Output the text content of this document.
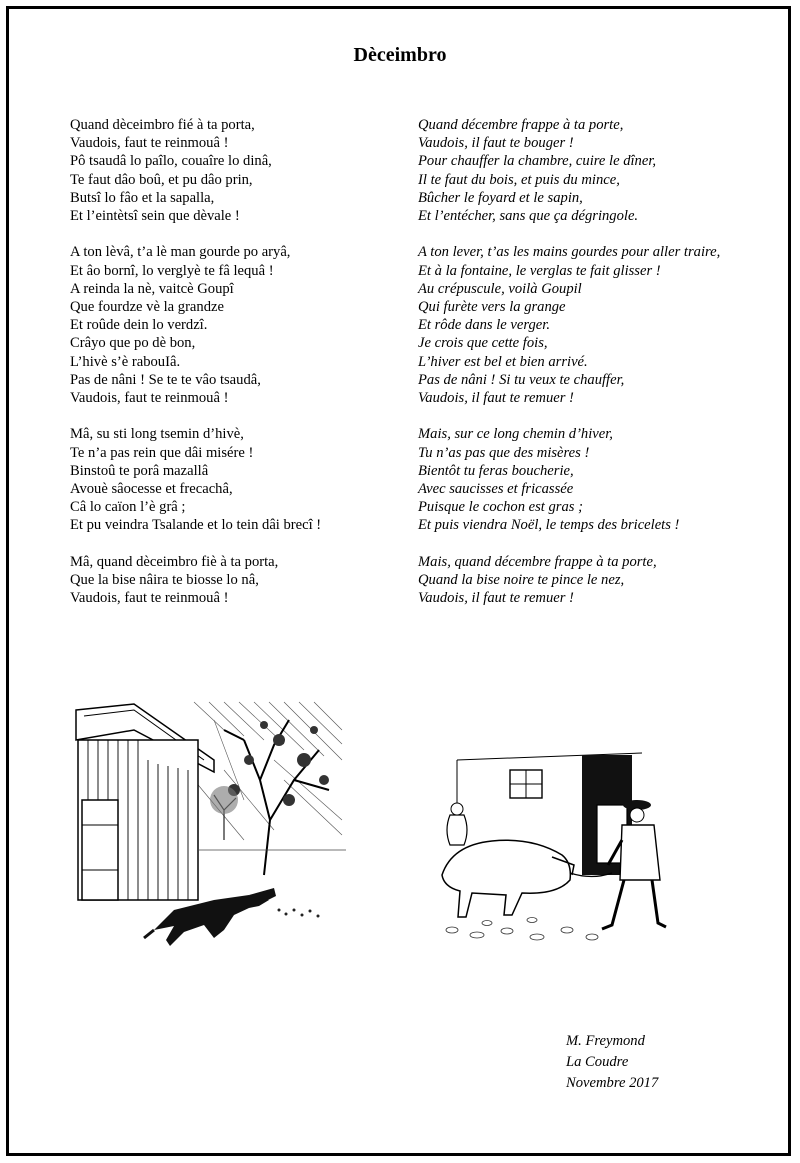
Dèceimbro
Quand dèceimbro fié à ta porta,
Vaudois, faut te reinmouâ !
Pô tsaudâ lo paîlo, couaîre lo dinâ,
Te faut dâo boû, et pu dâo prin,
Butsî lo fâo et la sapalla,
Et l’eintètsî sein que dèvale !
A ton lèvâ, t’a lè man gourde po aryâ,
Et âo bornî, lo verglyè te fâ lequâ !
A reinda la nè, vaitcè Goupî
Que fourdze vè la grandze
Et roûde dein lo verdzî.
Crâyo que po dè bon,
L’hivè s’è rabouIâ.
Pas de nâni ! Se te te vâo tsaudâ,
Vaudois, faut te reinmouâ !
Mâ, su sti long tsemin d’hivè,
Te n’a pas rein que dâi misére !
Binstoû te porâ mazallâ
Avouè sâocesse et frecachâ,
Câ lo caïon l’è grâ ;
Et pu veindra Tsalande et lo tein dâi brecî !
Mâ, quand dèceimbro fiè à ta porta,
Que la bise nâira te biosse lo nâ,
Vaudois, faut te reinmouâ !
Quand décembre frappe à ta porte,
Vaudois, il faut te bouger !
Pour chauffer la chambre, cuire le dîner,
Il te faut du bois, et puis du mince,
Bûcher le foyard et le sapin,
Et l’entécher, sans que ça dégringole.
A ton lever, t’as les mains gourdes pour aller traire,
Et à la fontaine, le verglas te fait glisser !
Au crépuscule, voilà Goupil
Qui furète vers la grange
Et rôde dans le verger.
Je crois que cette fois,
L’hiver est bel et bien arrivé.
Pas de nâni ! Si tu veux te chauffer,
Vaudois, il faut te remuer !
Mais, sur ce long chemin d’hiver,
Tu n’as pas que des misères !
Bientôt tu feras boucherie,
Avec saucisses et fricassée
Puisque le cochon est gras ;
Et puis viendra Noël, le temps des bricelets !
Mais, quand décembre frappe à ta porte,
Quand la bise noire te pince le nez,
Vaudois, il faut te remuer !
M. Freymond
La Coudre
Novembre 2017
